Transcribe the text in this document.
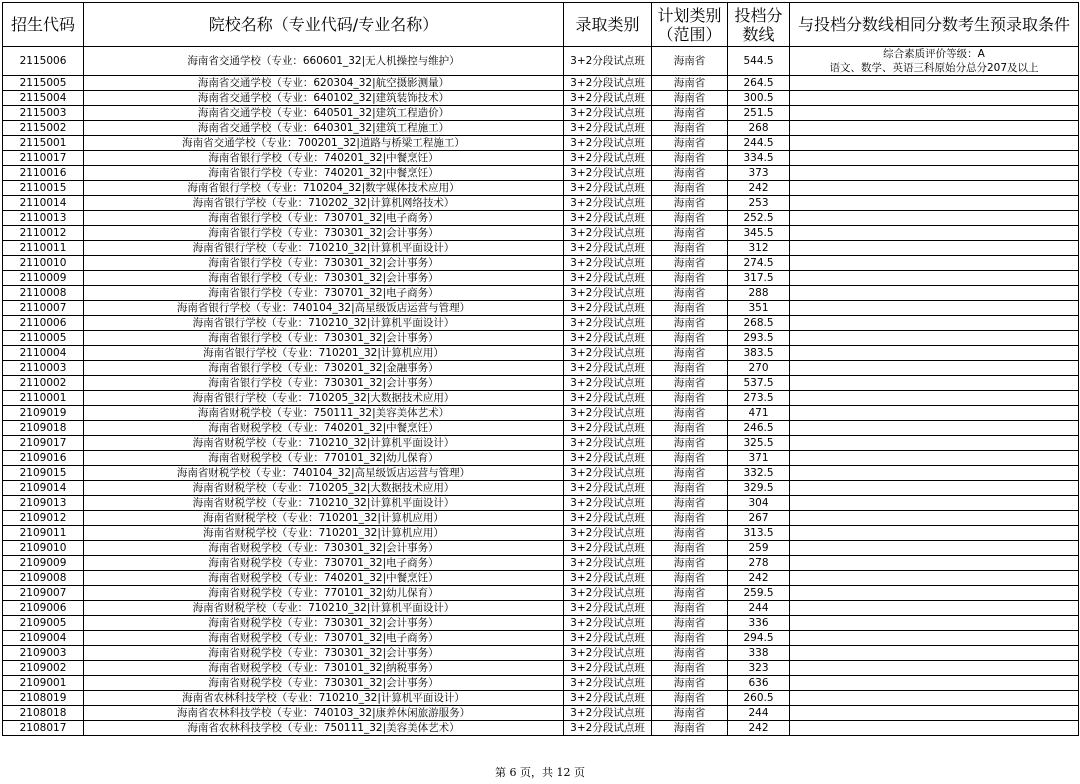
招生代码	院校名称（专业代码/专业名称）	录取类别	计划类别（范围）	投档分数线	与投档分数线相同分数考生预录取条件
2115006	海南省交通学校（专业：660601_32|无人机操控与维护）	3+2分段试点班	海南省	544.5	综合素质评价等级：A
语文、数学、英语三科原始分总分207及以上

2115005	海南省交通学校（专业：620304_32|航空摄影测量）	3+2分段试点班	海南省	264.5	
2115004	海南省交通学校（专业：640102_32|建筑装饰技术）	3+2分段试点班	海南省	300.5	
2115003	海南省交通学校（专业：640501_32|建筑工程造价）	3+2分段试点班	海南省	251.5	
2115002	海南省交通学校（专业：640301_32|建筑工程施工）	3+2分段试点班	海南省	268	
2115001	海南省交通学校（专业：700201_32|道路与桥梁工程施工）	3+2分段试点班	海南省	244.5	
2110017	海南省银行学校（专业：740201_32|中餐烹饪）	3+2分段试点班	海南省	334.5	
2110016	海南省银行学校（专业：740201_32|中餐烹饪）	3+2分段试点班	海南省	373	
2110015	海南省银行学校（专业：710204_32|数字媒体技术应用）	3+2分段试点班	海南省	242	
2110014	海南省银行学校（专业：710202_32|计算机网络技术）	3+2分段试点班	海南省	253	
2110013	海南省银行学校（专业：730701_32|电子商务）	3+2分段试点班	海南省	252.5	
2110012	海南省银行学校（专业：730301_32|会计事务）	3+2分段试点班	海南省	345.5	
2110011	海南省银行学校（专业：710210_32|计算机平面设计）	3+2分段试点班	海南省	312	
2110010	海南省银行学校（专业：730301_32|会计事务）	3+2分段试点班	海南省	274.5	
2110009	海南省银行学校（专业：730301_32|会计事务）	3+2分段试点班	海南省	317.5	
2110008	海南省银行学校（专业：730701_32|电子商务）	3+2分段试点班	海南省	288	
2110007	海南省银行学校（专业：740104_32|高星级饭店运营与管理）	3+2分段试点班	海南省	351	
2110006	海南省银行学校（专业：710210_32|计算机平面设计）	3+2分段试点班	海南省	268.5	
2110005	海南省银行学校（专业：730301_32|会计事务）	3+2分段试点班	海南省	293.5	
2110004	海南省银行学校（专业：710201_32|计算机应用）	3+2分段试点班	海南省	383.5	
2110003	海南省银行学校（专业：730201_32|金融事务）	3+2分段试点班	海南省	270	
2110002	海南省银行学校（专业：730301_32|会计事务）	3+2分段试点班	海南省	537.5	
2110001	海南省银行学校（专业：710205_32|大数据技术应用）	3+2分段试点班	海南省	273.5	
2109019	海南省财税学校（专业：750111_32|美容美体艺术）	3+2分段试点班	海南省	471	
2109018	海南省财税学校（专业：740201_32|中餐烹饪）	3+2分段试点班	海南省	246.5	
2109017	海南省财税学校（专业：710210_32|计算机平面设计）	3+2分段试点班	海南省	325.5	
2109016	海南省财税学校（专业：770101_32|幼儿保育）	3+2分段试点班	海南省	371	
2109015	海南省财税学校（专业：740104_32|高星级饭店运营与管理）	3+2分段试点班	海南省	332.5	
2109014	海南省财税学校（专业：710205_32|大数据技术应用）	3+2分段试点班	海南省	329.5	
2109013	海南省财税学校（专业：710210_32|计算机平面设计）	3+2分段试点班	海南省	304	
2109012	海南省财税学校（专业：710201_32|计算机应用）	3+2分段试点班	海南省	267	
2109011	海南省财税学校（专业：710201_32|计算机应用）	3+2分段试点班	海南省	313.5	
2109010	海南省财税学校（专业：730301_32|会计事务）	3+2分段试点班	海南省	259	
2109009	海南省财税学校（专业：730701_32|电子商务）	3+2分段试点班	海南省	278	
2109008	海南省财税学校（专业：740201_32|中餐烹饪）	3+2分段试点班	海南省	242	
2109007	海南省财税学校（专业：770101_32|幼儿保育）	3+2分段试点班	海南省	259.5	
2109006	海南省财税学校（专业：710210_32|计算机平面设计）	3+2分段试点班	海南省	244	
2109005	海南省财税学校（专业：730301_32|会计事务）	3+2分段试点班	海南省	336	
2109004	海南省财税学校（专业：730701_32|电子商务）	3+2分段试点班	海南省	294.5	
2109003	海南省财税学校（专业：730301_32|会计事务）	3+2分段试点班	海南省	338	
2109002	海南省财税学校（专业：730101_32|纳税事务）	3+2分段试点班	海南省	323	
2109001	海南省财税学校（专业：730301_32|会计事务）	3+2分段试点班	海南省	636	
2108019	海南省农林科技学校（专业：710210_32|计算机平面设计）	3+2分段试点班	海南省	260.5	
2108018	海南省农林科技学校（专业：740103_32|康养休闲旅游服务）	3+2分段试点班	海南省	244	
2108017	海南省农林科技学校（专业：750111_32|美容美体艺术）	3+2分段试点班	海南省	242	
第 6 页，共 12 页
